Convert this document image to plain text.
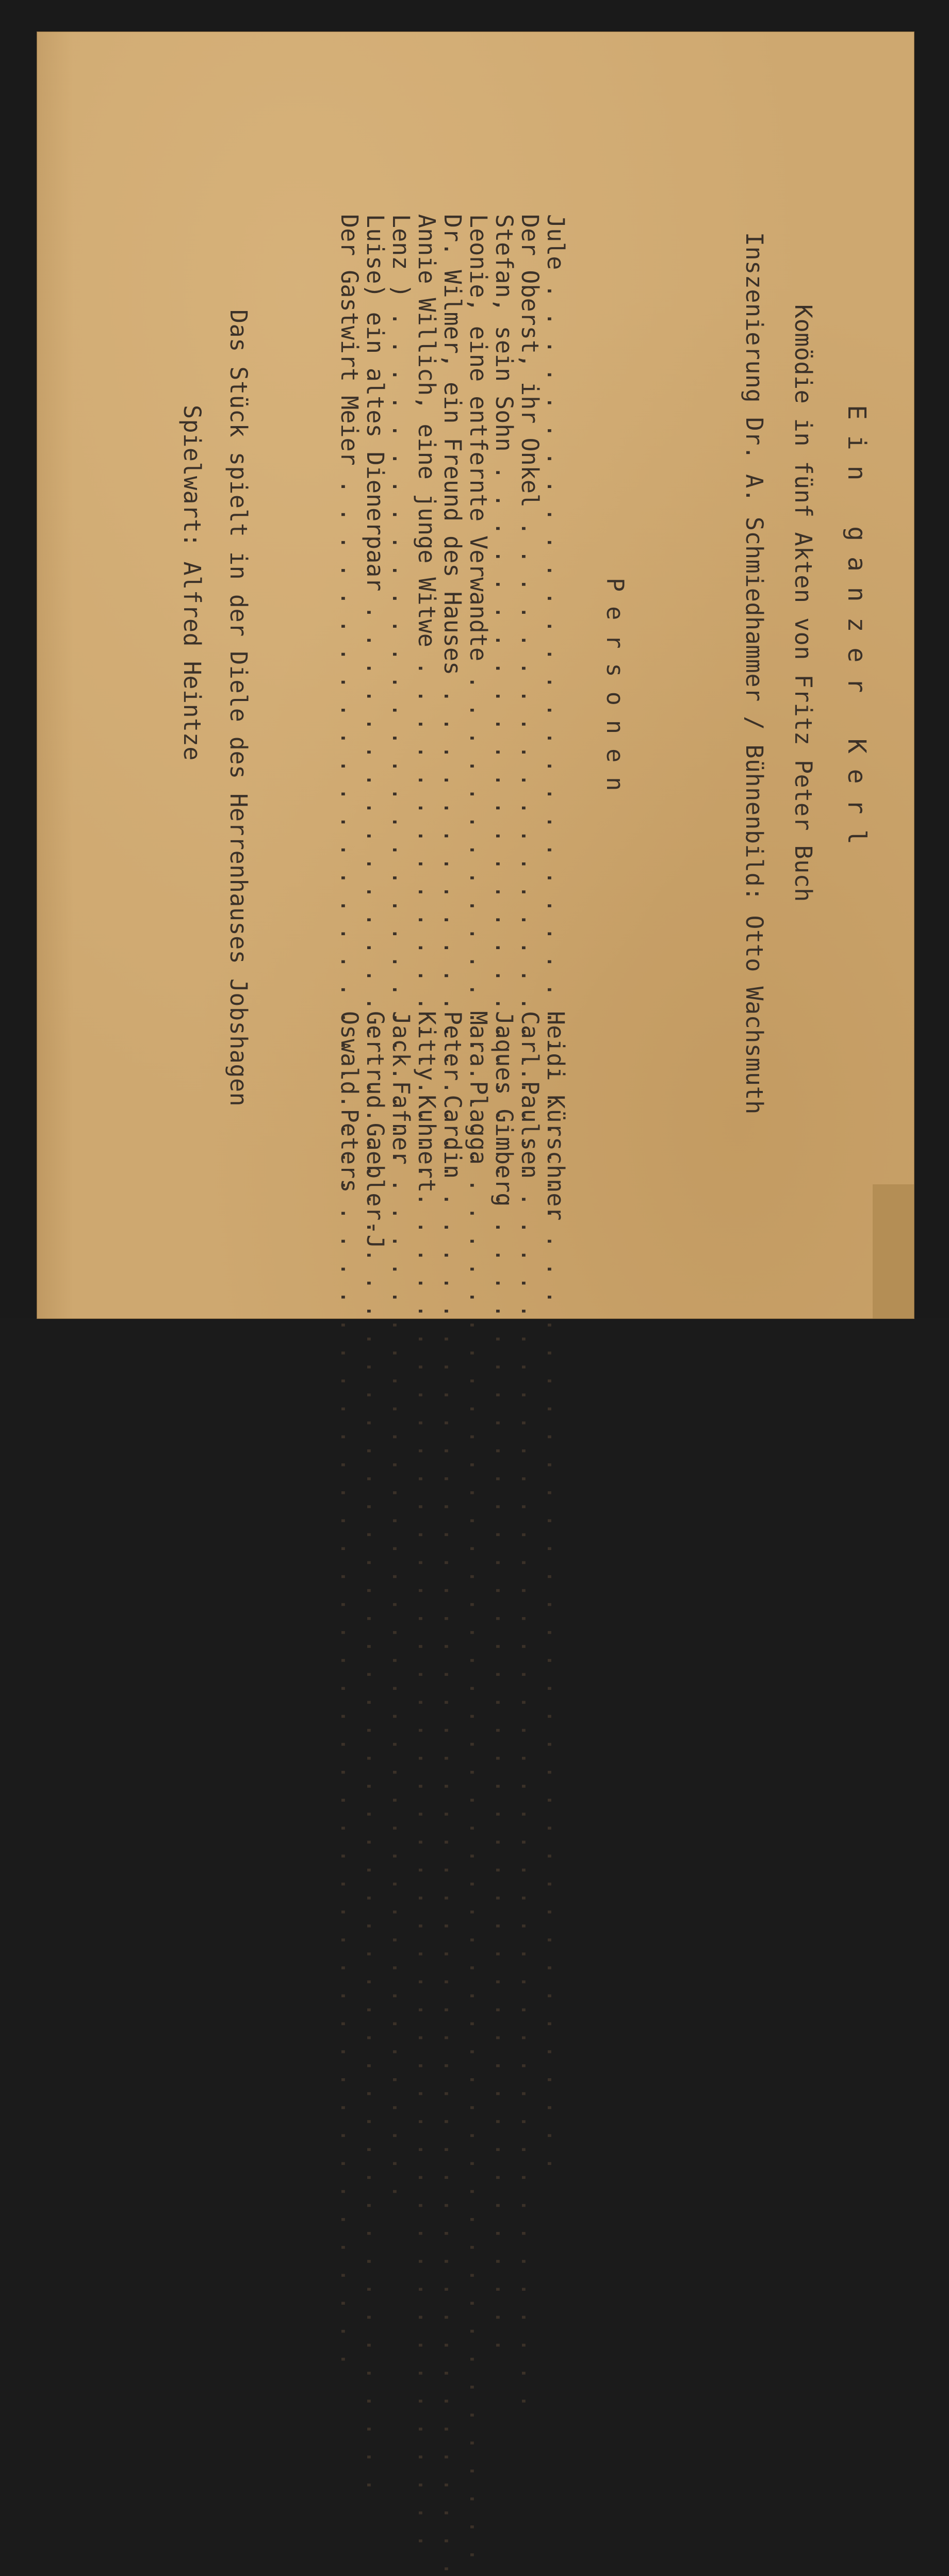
E i n   g a n z e r   K e r l
Komödie in fünf Akten von Fritz Peter Buch
Inszenierung Dr. A. Schmiedhammer / Bühnenbild: Otto Wachsmuth
P e r s o n e n
Jule . . .
Heidi Kürschner
Der Oberst, ihr Onkel . . .
Carl.Paulsen
Stefan, sein Sohn . . .
Jaques Gimberg
Leonie, eine entfernte Verwandte . . .
Mara Plagga
Dr. Wilmer, ein Freund des Hauses . . .
Peter Cardin
Annie Willich, eine junge Witwe . . .
Kitty Kuhnert
Lenz ) . . .
Jack Fafner
Luise) ein altes Dienerpaar . . .
Gertrud Gaebler-J
Der Gastwirt Meier . . .
Oswald Peters
Das Stück spielt in der Diele des Herrenhauses Jobshagen
Spielwart: Alfred Heintze
